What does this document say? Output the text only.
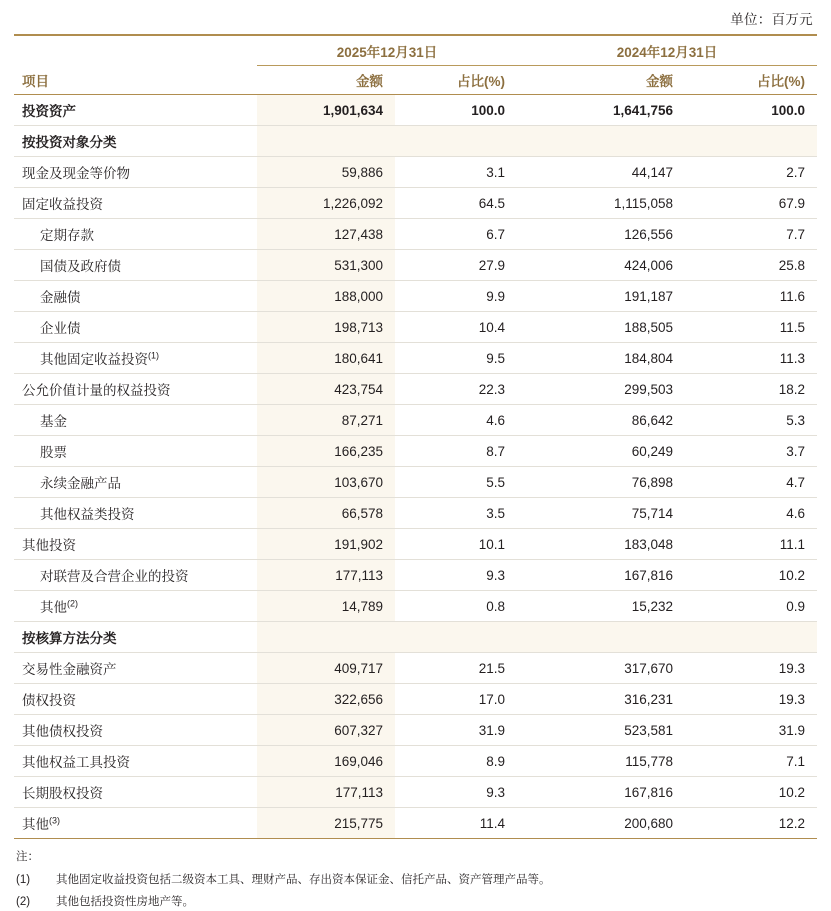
单位：百万元
	2025年12月31日		2024年12月31日	
项目	金额	占比(%)	金额	占比(%)
投资资产	1,901,634	100.0	1,641,756	100.0
按投资对象分类				
现金及现金等价物	59,886	3.1	44,147	2.7
固定收益投资	1,226,092	64.5	1,115,058	67.9
定期存款	127,438	6.7	126,556	7.7
国债及政府债	531,300	27.9	424,006	25.8
金融债	188,000	9.9	191,187	11.6
企业债	198,713	10.4	188,505	11.5
其他固定收益投资$^{(1)}$	180,641	9.5	184,804	11.3
公允价值计量的权益投资	423,754	22.3	299,503	18.2
基金	87,271	4.6	86,642	5.3
股票	166,235	8.7	60,249	3.7
永续金融产品	103,670	5.5	76,898	4.7
其他权益类投资	66,578	3.5	75,714	4.6
其他投资	191,902	10.1	183,048	11.1
对联营及合营企业的投资	177,113	9.3	167,816	10.2
其他$^{(2)}$	14,789	0.8	15,232	0.9
按核算方法分类				
交易性金融资产	409,717	21.5	317,670	19.3
债权投资	322,656	17.0	316,231	19.3
其他债权投资	607,327	31.9	523,581	31.9
其他权益工具投资	169,046	8.9	115,778	7.1
长期股权投资	177,113	9.3	167,816	10.2
其他$^{(3)}$	215,775	11.4	200,680	12.2
注：
(1)	其他固定收益投资包括二级资本工具、理财产品、存出资本保证金、信托产品、资产管理产品等。
(2)	其他包括投资性房地产等。
